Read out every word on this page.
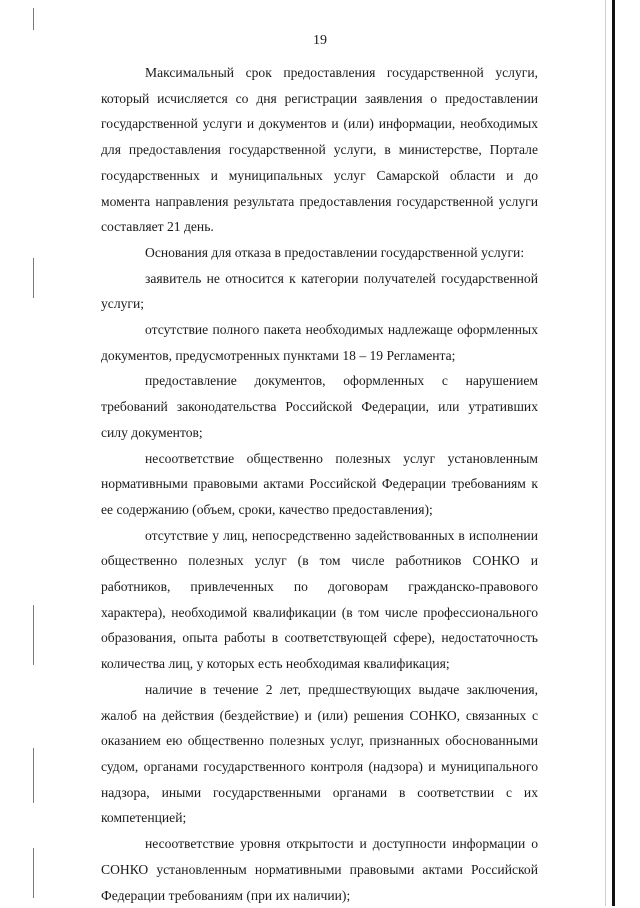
19

Максимальный срок предоставления государственной услуги, который исчисляется со дня регистрации заявления о предоставлении государственной услуги и документов и (или) информации, необходимых для предоставления государственной услуги, в министерстве, Портале государственных и муниципальных услуг Самарской области и до момента направления результата предоставления государственной услуги составляет 21 день.

Основания для отказа в предоставлении государственной услуги:

заявитель не относится к категории получателей государственной услуги;

отсутствие полного пакета необходимых надлежаще оформленных документов, предусмотренных пунктами 18 – 19 Регламента;

предоставление документов, оформленных с нарушением требований законодательства Российской Федерации, или утративших силу документов;

несоответствие общественно полезных услуг установленным нормативными правовыми актами Российской Федерации требованиям к ее содержанию (объем, сроки, качество предоставления);

отсутствие у лиц, непосредственно задействованных в исполнении общественно полезных услуг (в том числе работников СОНКО и работников, привлеченных по договорам гражданско-правового характера), необходимой квалификации (в том числе профессионального образования, опыта работы в соответствующей сфере), недостаточность количества лиц, у которых есть необходимая квалификация;

наличие в течение 2 лет, предшествующих выдаче заключения, жалоб на действия (бездействие) и (или) решения СОНКО, связанных с оказанием ею общественно полезных услуг, признанных обоснованными судом, органами государственного контроля (надзора) и муниципального надзора, иными государственными органами в соответствии с их компетенцией;

несоответствие уровня открытости и доступности информации о СОНКО установленным нормативными правовыми актами Российской Федерации требованиям (при их наличии);
